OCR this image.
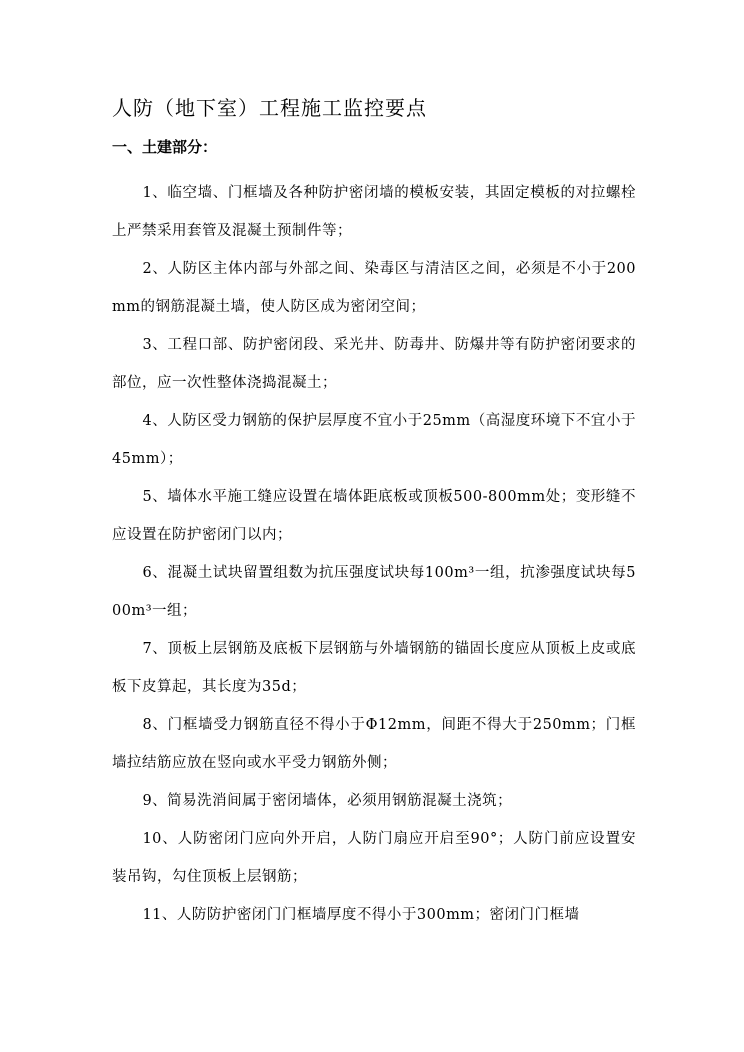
人防（地下室）工程施工监控要点
一、土建部分：
1、临空墙、门框墙及各种防护密闭墙的模板安装，其固定模板的对拉螺栓上严禁采用套管及混凝土预制件等；
2、人防区主体内部与外部之间、染毒区与清洁区之间，必须是不小于200mm的钢筋混凝土墙，使人防区成为密闭空间；
3、工程口部、防护密闭段、采光井、防毒井、防爆井等有防护密闭要求的部位，应一次性整体浇捣混凝土；
4、人防区受力钢筋的保护层厚度不宜小于25mm（高湿度环境下不宜小于45mm）；
5、墙体水平施工缝应设置在墙体距底板或顶板500-800mm处；变形缝不应设置在防护密闭门以内；
6、混凝土试块留置组数为抗压强度试块每100m³一组，抗渗强度试块每500m³一组；
7、顶板上层钢筋及底板下层钢筋与外墙钢筋的锚固长度应从顶板上皮或底板下皮算起，其长度为35d；
8、门框墙受力钢筋直径不得小于Φ12mm，间距不得大于250mm；门框墙拉结筋应放在竖向或水平受力钢筋外侧；
9、简易洗消间属于密闭墙体，必须用钢筋混凝土浇筑；
10、人防密闭门应向外开启，人防门扇应开启至90°；人防门前应设置安装吊钩，勾住顶板上层钢筋；
11、人防防护密闭门门框墙厚度不得小于300mm；密闭门门框墙
